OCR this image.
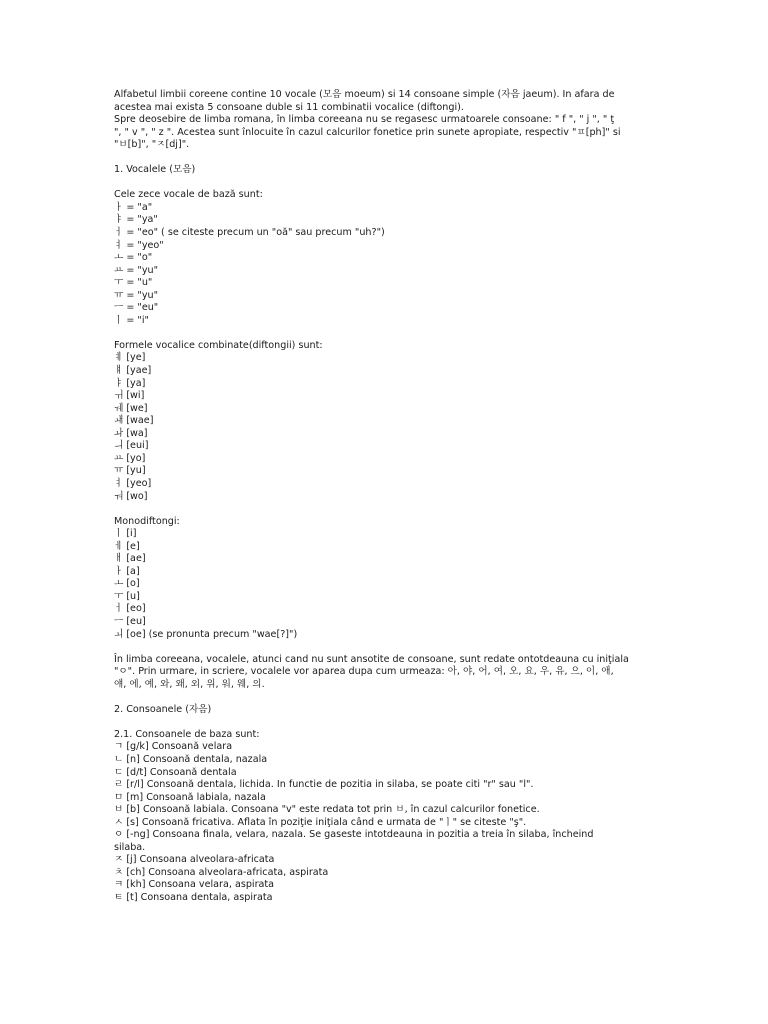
Alfabetul limbii coreene contine 10 vocale (모음 moeum) si 14 consoane simple (자음 jaeum). In afara de
acestea mai exista 5 consoane duble si 11 combinatii vocalice (diftongi).
Spre deosebire de limba romana, în limba coreeana nu se regasesc urmatoarele consoane: " f ", " j ", " ţ
", " v ", " z ". Acestea sunt înlocuite în cazul calcurilor fonetice prin sunete apropiate, respectiv "ㅍ[ph]" si
"ㅂ[b]", "ㅈ[dj]".
1. Vocalele (모음)
Cele zece vocale de bază sunt:
ㅏ = "a"
ㅑ = "ya"
ㅓ = "eo" ( se citeste precum un "oă" sau precum "uh?")
ㅕ = "yeo"
ㅗ = "o"
ㅛ = "yu"
ㅜ = "u"
ㅠ = "yu"
ㅡ = "eu"
ㅣ = "i"
Formele vocalice combinate(diftongii) sunt:
ㅖ [ye]
ㅒ [yae]
ㅑ [ya]
ㅟ [wi]
ㅞ [we]
ㅙ [wae]
ㅘ [wa]
ㅢ [eui]
ㅛ [yo]
ㅠ [yu]
ㅕ [yeo]
ㅝ [wo]
Monodiftongi:
ㅣ [i]
ㅔ [e]
ㅐ [ae]
ㅏ [a]
ㅗ [o]
ㅜ [u]
ㅓ [eo]
ㅡ [eu]
ㅚ [oe] (se pronunta precum "wae[?]")
În limba coreeana, vocalele, atunci cand nu sunt ansotite de consoane, sunt redate ontotdeauna cu iniţiala
"ㅇ". Prin urmare, in scriere, vocalele vor aparea dupa cum urmeaza: 아, 야, 어, 여, 오, 요, 우, 유, 으, 이, 애,
얘, 에, 예, 와, 왜, 외, 위, 워, 웨, 의.
2. Consoanele (자음)
2.1. Consoanele de baza sunt:
ㄱ [g/k] Consoană velara
ㄴ [n] Consoană dentala, nazala
ㄷ [d/t] Consoană dentala
ㄹ [r/l] Consoană dentala, lichida. In functie de pozitia in silaba, se poate citi "r" sau "l".
ㅁ [m] Consoană labiala, nazala
ㅂ [b] Consoană labiala. Consoana "v" este redata tot prin ㅂ, în cazul calcurilor fonetice.
ㅅ [s] Consoană fricativa. Aflata în poziţie iniţiala când e urmata de "ㅣ" se citeste "ş".
ㅇ [-ng] Consoana finala, velara, nazala. Se gaseste intotdeauna in pozitia a treia în silaba, încheind
silaba.
ㅈ [j] Consoana alveolara-africata
ㅊ [ch] Consoana alveolara-africata, aspirata
ㅋ [kh] Consoana velara, aspirata
ㅌ [t] Consoana dentala, aspirata
